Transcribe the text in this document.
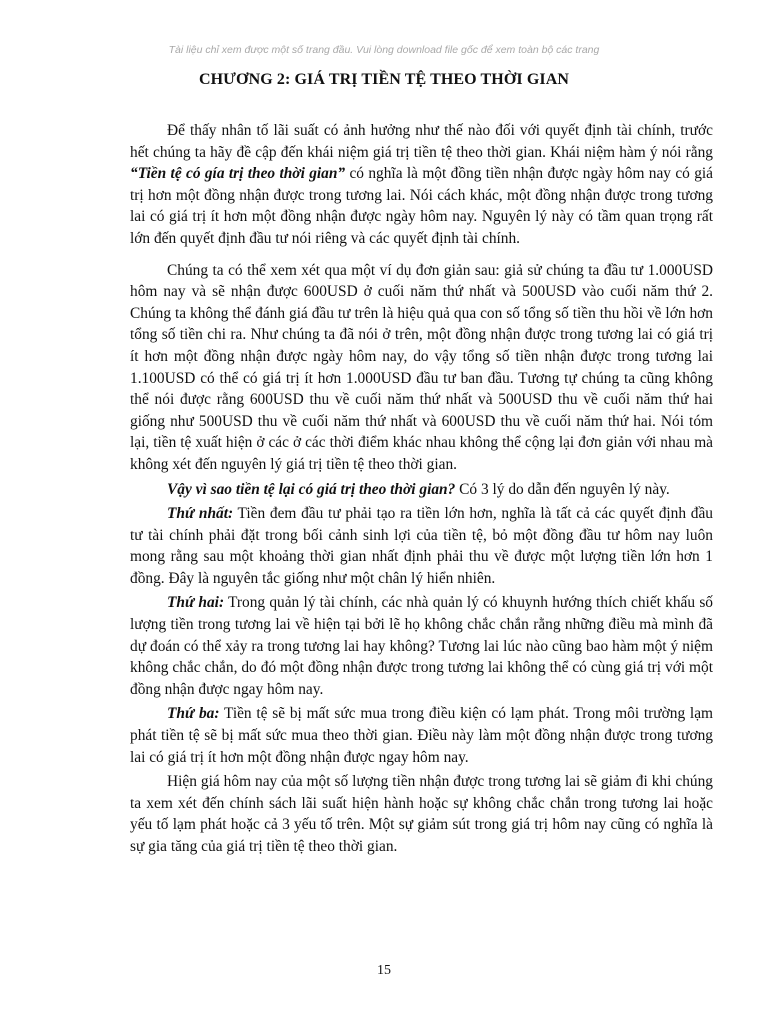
Tài liệu chỉ xem được một số trang đầu. Vui lòng download file gốc để xem toàn bộ các trang
CHƯƠNG 2: GIÁ TRỊ TIỀN TỆ THEO THỜI GIAN

Để thấy nhân tố lãi suất có ảnh hưởng như thế nào đối với quyết định tài chính, trước hết chúng ta hãy đề cập đến khái niệm giá trị tiền tệ theo thời gian. Khái niệm hàm ý nói rằng “Tiền tệ có gía trị theo thời gian” có nghĩa là một đồng tiền nhận được ngày hôm nay có giá trị hơn một đồng nhận được trong tương lai. Nói cách khác, một đồng nhận được trong tương lai có giá trị ít hơn một đồng nhận được ngày hôm nay. Nguyên lý này có tầm quan trọng rất lớn đến quyết định đầu tư nói riêng và các quyết định tài chính.

Chúng ta có thể xem xét qua một ví dụ đơn giản sau: giả sử chúng ta đầu tư 1.000USD hôm nay và sẽ nhận được 600USD ở cuối năm thứ nhất và 500USD vào cuối năm thứ 2. Chúng ta không thể đánh giá đầu tư trên là hiệu quả qua con số tổng số tiền thu hồi về lớn hơn tổng số tiền chi ra. Như chúng ta đã nói ở trên, một đồng nhận được trong tương lai có giá trị ít hơn một đồng nhận được ngày hôm nay, do vậy tổng số tiền nhận được trong tương lai 1.100USD có thể có giá trị ít hơn 1.000USD đầu tư ban đầu. Tương tự chúng ta cũng không thể nói được rằng 600USD thu về cuối năm thứ nhất và 500USD thu về cuối năm thứ hai giống như 500USD thu về cuối năm thứ nhất và 600USD thu về cuối năm thứ hai. Nói tóm lại, tiền tệ xuất hiện ở các ở các thời điểm khác nhau không thể cộng lại đơn giản với nhau mà không xét đến nguyên lý giá trị tiền tệ theo thời gian.

Vậy vì sao tiền tệ lại có giá trị theo thời gian? Có 3 lý do dẫn đến nguyên lý này.

Thứ nhất: Tiền đem đầu tư phải tạo ra tiền lớn hơn, nghĩa là tất cả các quyết định đầu tư tài chính phải đặt trong bối cảnh sinh lợi của tiền tệ, bỏ một đồng đầu tư hôm nay luôn mong rằng sau một khoảng thời gian nhất định phải thu về được một lượng tiền lớn hơn 1 đồng. Đây là nguyên tắc giống như một chân lý hiển nhiên.

Thứ hai: Trong quản lý tài chính, các nhà quản lý có khuynh hướng thích chiết khấu số lượng tiền trong tương lai về hiện tại bởi lẽ họ không chắc chắn rằng những điều mà mình đã dự đoán có thể xảy ra trong tương lai hay không? Tương lai lúc nào cũng bao hàm một ý niệm không chắc chắn, do đó một đồng nhận được trong tương lai không thể có cùng giá trị với một đồng nhận được ngay hôm nay.

Thứ ba: Tiền tệ sẽ bị mất sức mua trong điều kiện có lạm phát. Trong môi trường lạm phát tiền tệ sẽ bị mất sức mua theo thời gian. Điều này làm một đồng nhận được trong tương lai có giá trị ít hơn một đồng nhận được ngay hôm nay.

Hiện giá hôm nay của một số lượng tiền nhận được trong tương lai sẽ giảm đi khi chúng ta xem xét đến chính sách lãi suất hiện hành hoặc sự không chắc chắn trong tương lai hoặc yếu tố lạm phát hoặc cả 3 yếu tố trên. Một sự giảm sút trong giá trị hôm nay cũng có nghĩa là sự gia tăng của giá trị tiền tệ theo thời gian.

15
